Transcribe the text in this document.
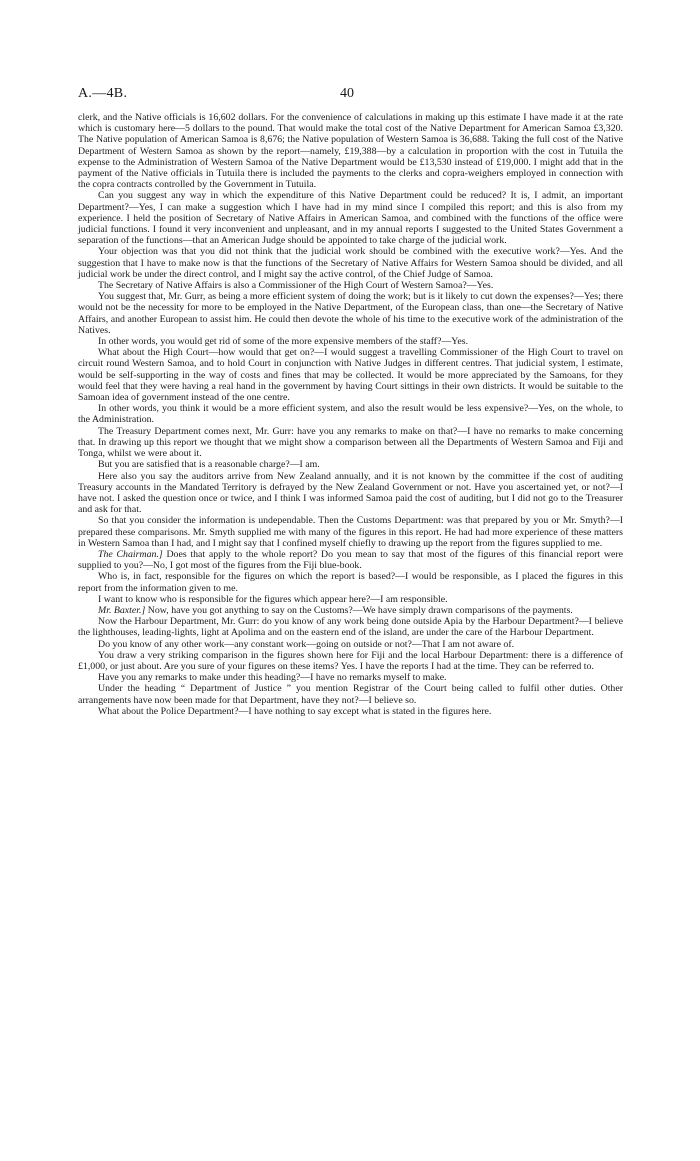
A.—4B.	40

clerk, and the Native officials is 16,602 dollars. For the convenience of calculations in making up this estimate I have made it at the rate which is customary here—5 dollars to the pound. That would make the total cost of the Native Department for American Samoa £3,320. The Native population of American Samoa is 8,676; the Native population of Western Samoa is 36,688. Taking the full cost of the Native Department of Western Samoa as shown by the report—namely, £19,388—by a calculation in proportion with the cost in Tutuila the expense to the Administration of Western Samoa of the Native Department would be £13,530 instead of £19,000. I might add that in the payment of the Native officials in Tutuila there is included the payments to the clerks and copra-weighers employed in connection with the copra contracts controlled by the Government in Tutuila.

Can you suggest any way in which the expenditure of this Native Department could be reduced? It is, I admit, an important Department?—Yes, I can make a suggestion which I have had in my mind since I compiled this report; and this is also from my experience. I held the position of Secretary of Native Affairs in American Samoa, and combined with the functions of the office were judicial functions. I found it very inconvenient and unpleasant, and in my annual reports I suggested to the United States Government a separation of the functions—that an American Judge should be appointed to take charge of the judicial work.

Your objection was that you did not think that the judicial work should be combined with the executive work?—Yes. And the suggestion that I have to make now is that the functions of the Secretary of Native Affairs for Western Samoa should be divided, and all judicial work be under the direct control, and I might say the active control, of the Chief Judge of Samoa.

The Secretary of Native Affairs is also a Commissioner of the High Court of Western Samoa?—Yes.

You suggest that, Mr. Gurr, as being a more efficient system of doing the work; but is it likely to cut down the expenses?—Yes; there would not be the necessity for more to be employed in the Native Department, of the European class, than one—the Secretary of Native Affairs, and another European to assist him. He could then devote the whole of his time to the executive work of the administration of the Natives.

In other words, you would get rid of some of the more expensive members of the staff?—Yes.

What about the High Court—how would that get on?—I would suggest a travelling Commissioner of the High Court to travel on circuit round Western Samoa, and to hold Court in conjunction with Native Judges in different centres. That judicial system, I estimate, would be self-supporting in the way of costs and fines that may be collected. It would be more appreciated by the Samoans, for they would feel that they were having a real hand in the government by having Court sittings in their own districts. It would be suitable to the Samoan idea of government instead of the one centre.

In other words, you think it would be a more efficient system, and also the result would be less expensive?—Yes, on the whole, to the Administration.

The Treasury Department comes next, Mr. Gurr: have you any remarks to make on that?—I have no remarks to make concerning that. In drawing up this report we thought that we might show a comparison between all the Departments of Western Samoa and Fiji and Tonga, whilst we were about it.

But you are satisfied that is a reasonable charge?—I am.

Here also you say the auditors arrive from New Zealand annually, and it is not known by the committee if the cost of auditing Treasury accounts in the Mandated Territory is defrayed by the New Zealand Government or not. Have you ascertained yet, or not?—I have not. I asked the question once or twice, and I think I was informed Samoa paid the cost of auditing, but I did not go to the Treasurer and ask for that.

So that you consider the information is undependable. Then the Customs Department: was that prepared by you or Mr. Smyth?—I prepared these comparisons. Mr. Smyth supplied me with many of the figures in this report. He had had more experience of these matters in Western Samoa than I had, and I might say that I confined myself chiefly to drawing up the report from the figures supplied to me.

The Chairman.] Does that apply to the whole report? Do you mean to say that most of the figures of this financial report were supplied to you?—No, I got most of the figures from the Fiji blue-book.

Who is, in fact, responsible for the figures on which the report is based?—I would be responsible, as I placed the figures in this report from the information given to me.

I want to know who is responsible for the figures which appear here?—I am responsible.

Mr. Baxter.] Now, have you got anything to say on the Customs?—We have simply drawn comparisons of the payments.

Now the Harbour Department, Mr. Gurr: do you know of any work being done outside Apia by the Harbour Department?—I believe the lighthouses, leading-lights, light at Apolima and on the eastern end of the island, are under the care of the Harbour Department.

Do you know of any other work—any constant work—going on outside or not?—That I am not aware of.

You draw a very striking comparison in the figures shown here for Fiji and the local Harbour Department: there is a difference of £1,000, or just about. Are you sure of your figures on these items? Yes. I have the reports I had at the time. They can be referred to.

Have you any remarks to make under this heading?—I have no remarks myself to make.

Under the heading “ Department of Justice ” you mention Registrar of the Court being called to fulfil other duties. Other arrangements have now been made for that Department, have they not?—I believe so.

What about the Police Department?—I have nothing to say except what is stated in the figures here.
